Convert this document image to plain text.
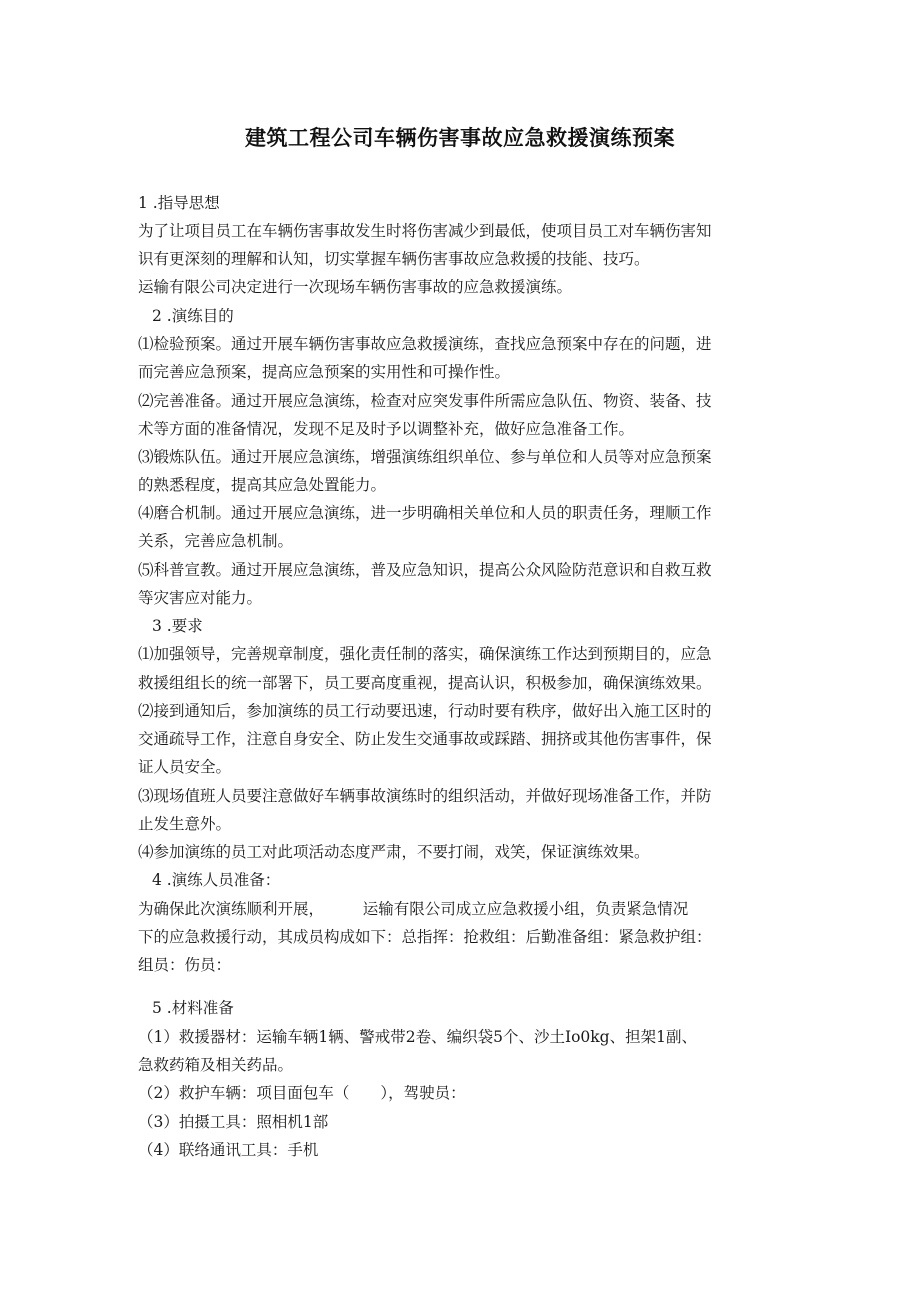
建筑工程公司车辆伤害事故应急救援演练预案
1 .指导思想
为了让项目员工在车辆伤害事故发生时将伤害减少到最低，使项目员工对车辆伤害知
识有更深刻的理解和认知，切实掌握车辆伤害事故应急救援的技能、技巧。
运输有限公司决定进行一次现场车辆伤害事故的应急救援演练。
2 .演练目的
⑴检验预案。通过开展车辆伤害事故应急救援演练，查找应急预案中存在的问题，进
而完善应急预案，提高应急预案的实用性和可操作性。
⑵完善准备。通过开展应急演练，检查对应突发事件所需应急队伍、物资、装备、技
术等方面的准备情况，发现不足及时予以调整补充，做好应急准备工作。
⑶锻炼队伍。通过开展应急演练，增强演练组织单位、参与单位和人员等对应急预案
的熟悉程度，提高其应急处置能力。
⑷磨合机制。通过开展应急演练，进一步明确相关单位和人员的职责任务，理顺工作
关系，完善应急机制。
⑸科普宣教。通过开展应急演练，普及应急知识，提高公众风险防范意识和自救互救
等灾害应对能力。
3 .要求
⑴加强领导，完善规章制度，强化责任制的落实，确保演练工作达到预期目的，应急
救援组组长的统一部署下，员工要高度重视，提高认识，积极参加，确保演练效果。
⑵接到通知后，参加演练的员工行动要迅速，行动时要有秩序，做好出入施工区时的
交通疏导工作，注意自身安全、防止发生交通事故或踩踏、拥挤或其他伤害事件，保
证人员安全。
⑶现场值班人员要注意做好车辆事故演练时的组织活动，并做好现场准备工作，并防
止发生意外。
⑷参加演练的员工对此项活动态度严肃，不要打闹，戏笑，保证演练效果。
4 .演练人员准备：
为确保此次演练顺利开展，　　　运输有限公司成立应急救援小组，负责紧急情况
下的应急救援行动，其成员构成如下：总指挥：抢救组：后勤准备组：紧急救护组：
组员：伤员：
5 .材料准备
（1）救援器材：运输车辆1辆、警戒带2卷、编织袋5个、沙土Io0kg、担架1副、
急救药箱及相关药品。
（2）救护车辆：项目面包车（　　），驾驶员：
（3）拍摄工具：照相机1部
（4）联络通讯工具：手机
